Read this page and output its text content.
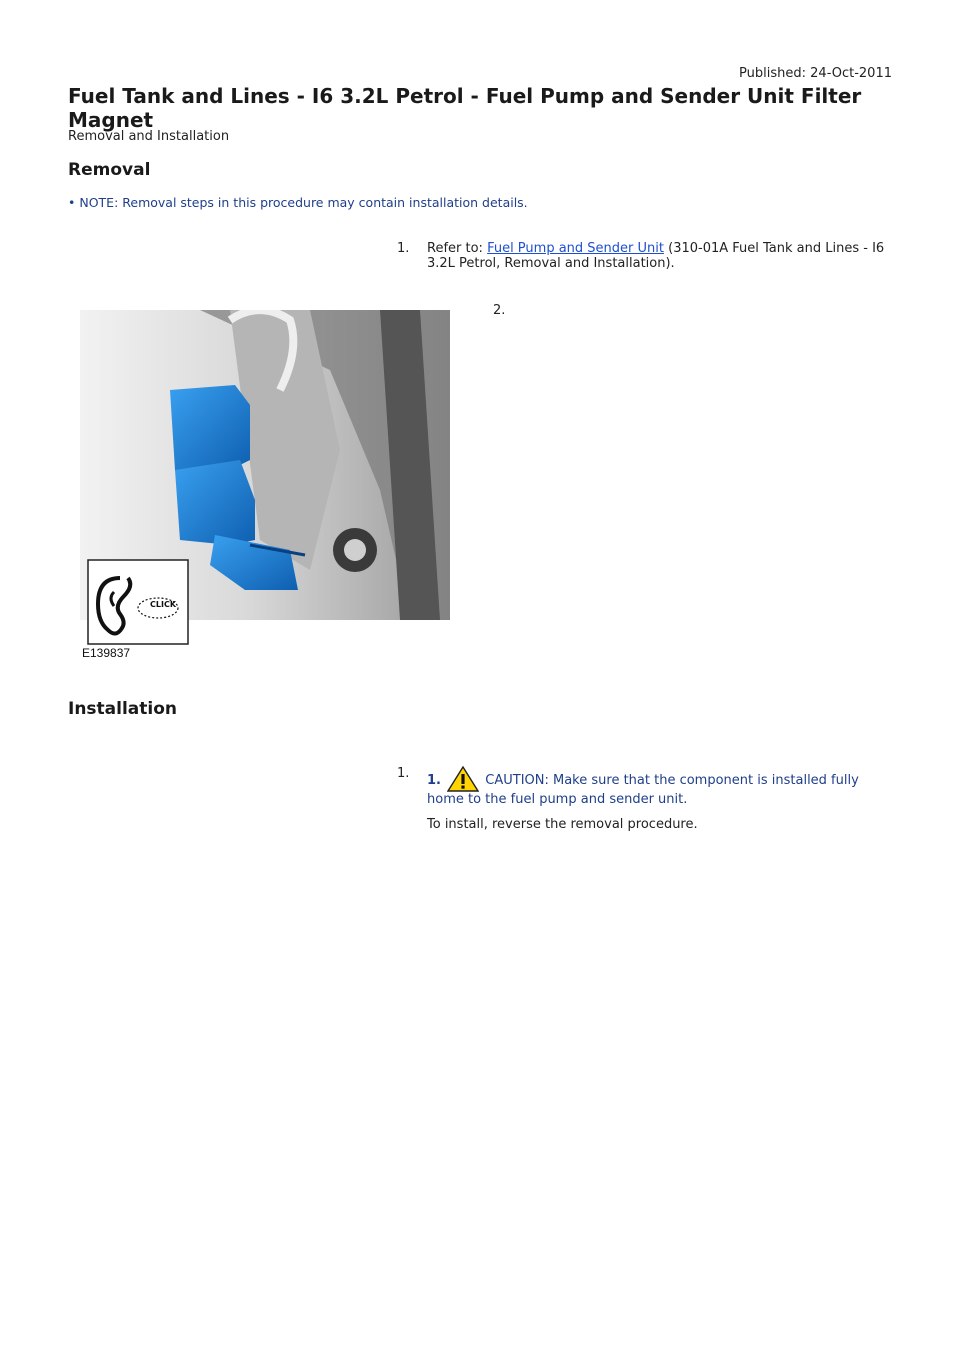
Published: 24-Oct-2011
Fuel Tank and Lines - I6 3.2L Petrol - Fuel Pump and Sender Unit Filter Magnet
Removal and Installation
Removal
• NOTE: Removal steps in this procedure may contain installation details.
1. Refer to: Fuel Pump and Sender Unit (310-01A Fuel Tank and Lines - I6 3.2L Petrol, Removal and Installation).
2.
CLICK
E139837
Installation
1. 1.	CAUTION: Make sure that the component is installed fully home to the fuel pump and sender unit.
To install, reverse the removal procedure.
